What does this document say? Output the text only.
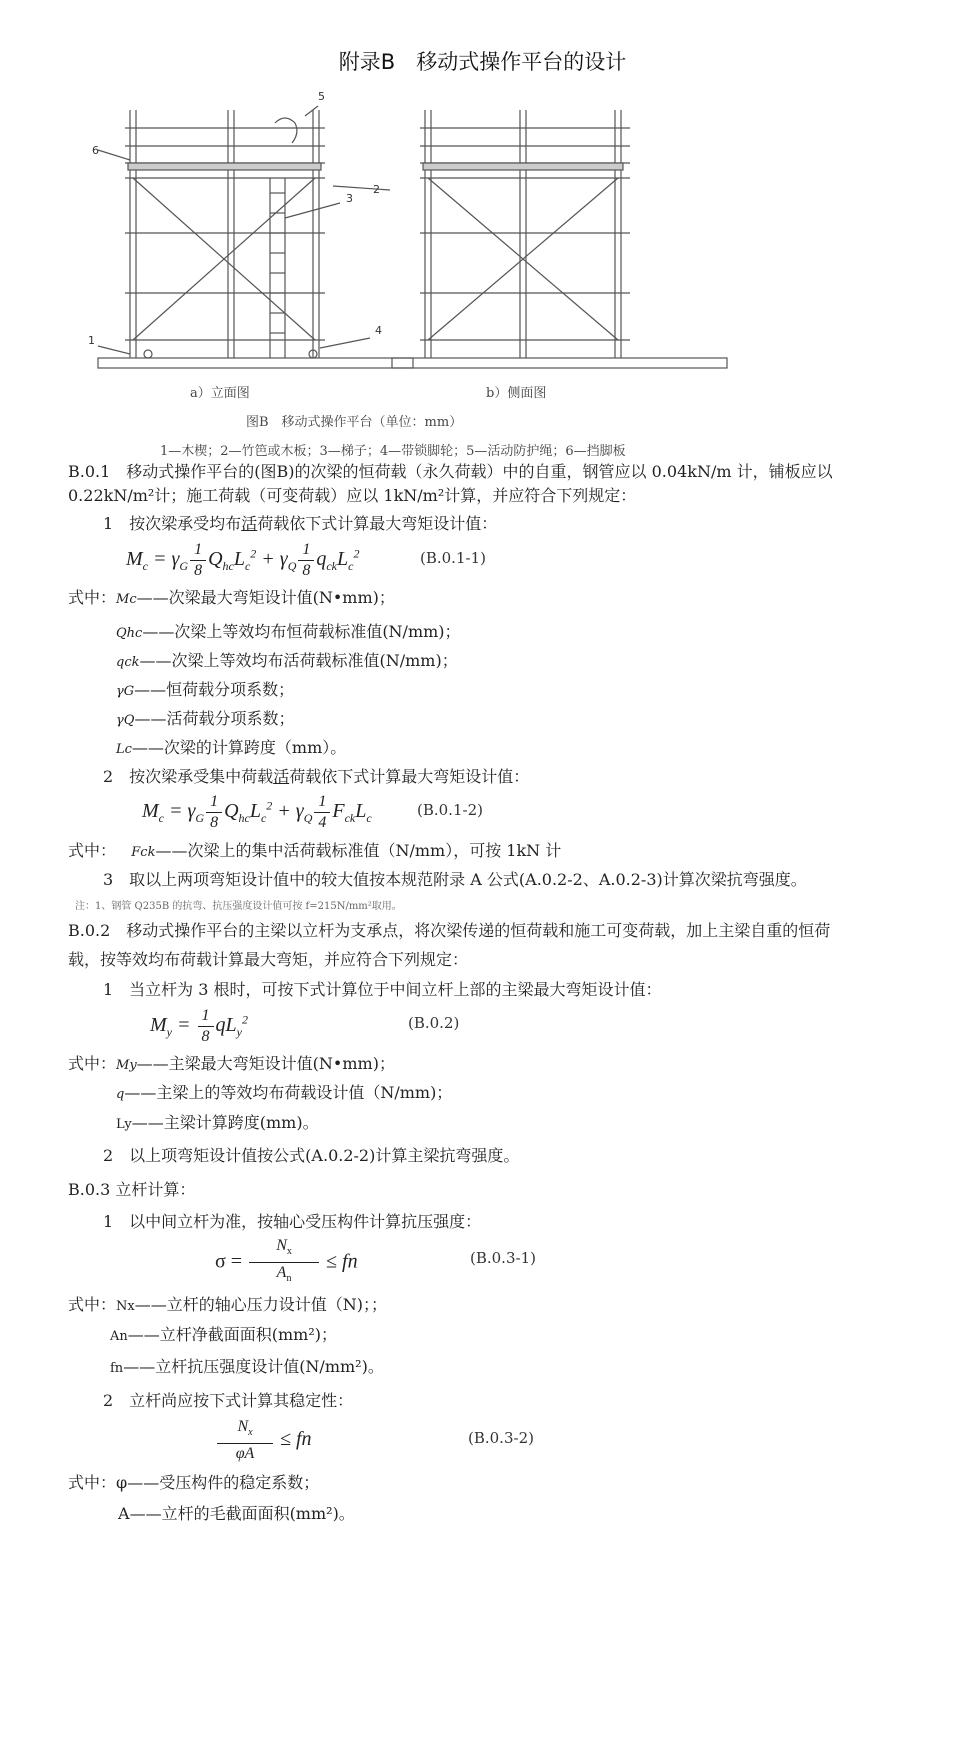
附录B　移动式操作平台的设计
1
2
3
4
5
6
a）立面图	b）侧面图
图B　移动式操作平台（单位：mm）
1—木楔；2—竹笆或木板；3—梯子；4—带锁脚轮；5—活动防护绳；6—挡脚板
B.0.1　移动式操作平台的(图B)的次梁的恒荷载（永久荷载）中的自重，钢管应以 0.04kN/m 计，铺板应以
0.22kN/m²计；施工荷载（可变荷载）应以 1kN/m²计算，并应符合下列规定：
1　按次梁承受均布活荷载依下式计算最大弯矩设计值：
$M_c = \gamma_G \frac{1}{8} Q_{hc}L_c^2 + \gamma_Q \frac{1}{8} q_{ck}L_c^2$	(B.0.1-1)
式中：Mc——次梁最大弯矩设计值(N•mm)；
Qhc——次梁上等效均布恒荷载标准值(N/mm)；
qck——次梁上等效均布活荷载标准值(N/mm)；
γG——恒荷载分项系数；
γQ——活荷载分项系数；
Lc——次梁的计算跨度（mm）。
2　按次梁承受集中荷载活荷载依下式计算最大弯矩设计值：
$M_c = \gamma_G \frac{1}{8} Q_{hc}L_c^2 + \gamma_Q \frac{1}{4} F_{ck}L_c$	(B.0.1-2)
式中： Fck——次梁上的集中活荷载标准值（N/mm），可按 1kN 计
3　取以上两项弯矩设计值中的较大值按本规范附录 A 公式(A.0.2-2、A.0.2-3)计算次梁抗弯强度。
注：1、钢管 Q235B 的抗弯、抗压强度设计值可按 f=215N/mm²取用。
B.0.2　移动式操作平台的主梁以立杆为支承点，将次梁传递的恒荷载和施工可变荷载，加上主梁自重的恒荷
载，按等效均布荷载计算最大弯矩，并应符合下列规定：
1　当立杆为 3 根时，可按下式计算位于中间立杆上部的主梁最大弯矩设计值：
$M_y = \frac{1}{8} qL_y^2$	(B.0.2)
式中：My——主梁最大弯矩设计值(N•mm)；
q——主梁上的等效均布荷载设计值（N/mm)；
Ly——主梁计算跨度(mm)。
2　以上项弯矩设计值按公式(A.0.2-2)计算主梁抗弯强度。
B.0.3 立杆计算：
1　以中间立杆为准，按轴心受压构件计算抗压强度：
$\sigma = \frac{N_x}{A_n}$ ≤ fn	(B.0.3-1)
式中：Nx——立杆的轴心压力设计值（N)；；
An——立杆净截面面积(mm²)；
fn——立杆抗压强度设计值(N/mm²)。
2　立杆尚应按下式计算其稳定性：
$\frac{N_x}{\varphi A}$ ≤ fn	(B.0.3-2)
式中：φ——受压构件的稳定系数；
A——立杆的毛截面面积(mm²)。
